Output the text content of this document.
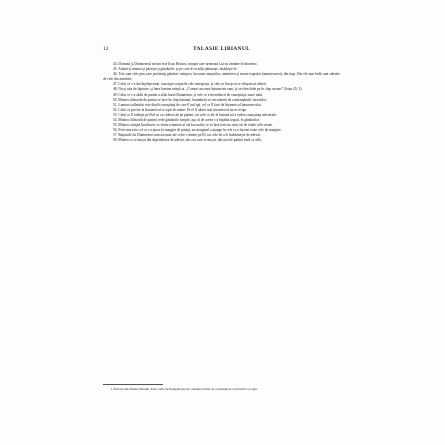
12	TALASIE LIBIANUL

44. Domnul şi Dumnezeul nostru este Iisus Hristos; minţea care urmează Lui nu rămâne în întuneric.

45. Adună-ţi mintea şi păzeşte-ţi gândurile; şi pe care le-ai aflat pătimaşe, răsădeşte-le.

46. Trei sunt cele prin care pricinuiţi gânduri: simţirea, lucrarea simţurilor, amintirea şi starea trupului (amestecarea); din trup. Dar ele mai întâi sunt stârnite de cele din amintire.

47. Celui ce s-a dat înţelepciune, cunoaşte scoparile cele netrupeşti, şi cele ce încep să se sfârşească iubirii.

48. Nu-ţi uita de făptuire, şi între lumina minţii ta. „Comori ascunse întunecate sunt, şi vei deschide pe în chip ascuns” (Isaia 45, 3).

49. Celui ce s-a sădit de patimi a aflat harul Dumnezeu, şi cele ce a învrednicit de cunoştinţă, mare mila.

50. Mintea slobozită de patimi se face în chip luminat, luminîndu-se necontenit de contemplările lucrurilor.

51. Lumina sufletului este dintâi cunoştinţă de care îl ind ipă, cel ce îl face de întunericul întunerecului.

52. Celui ce privire la întunericul se ispit de minte. Pe el îl iubire mai întunericul nu se risipe.

53. Celui ce îl iubeşte pe Fiul se va slobozi de pe patimi, iar cele ce ale le lumină tal a vedea cunoştinţa adevărată.

54. Mintea slobozită de patimi vede gândurile simple, aşa că de aceea s-a lepădat trupul, el gândurilor.

55. Mintea curăţită înculinesc se sfinte trimitere al ale lucrurilor ce se lasă fericire, mai cât de totale cele create.

56. Fericirea este cel ce s-a ajuns la margini de ştiinţă, iar marginal a ajunge la cele ce a încetat toate cele de margine.

57. Raţiunile lui Dumnezeu sunt ascunse ale celor c-ântete pe El, iar cele de a le îndrăzneşte de adevăr.

58. Mintea ce se mişcă din deprinderea de adevăr, dar cea care se mişcă, din nou de patimi mult se află.

1 Extrase din Sfântul Maxim. Este vorba de îndepărtarea de celelalte forme de contemplare a lucrurilor ce apar.
